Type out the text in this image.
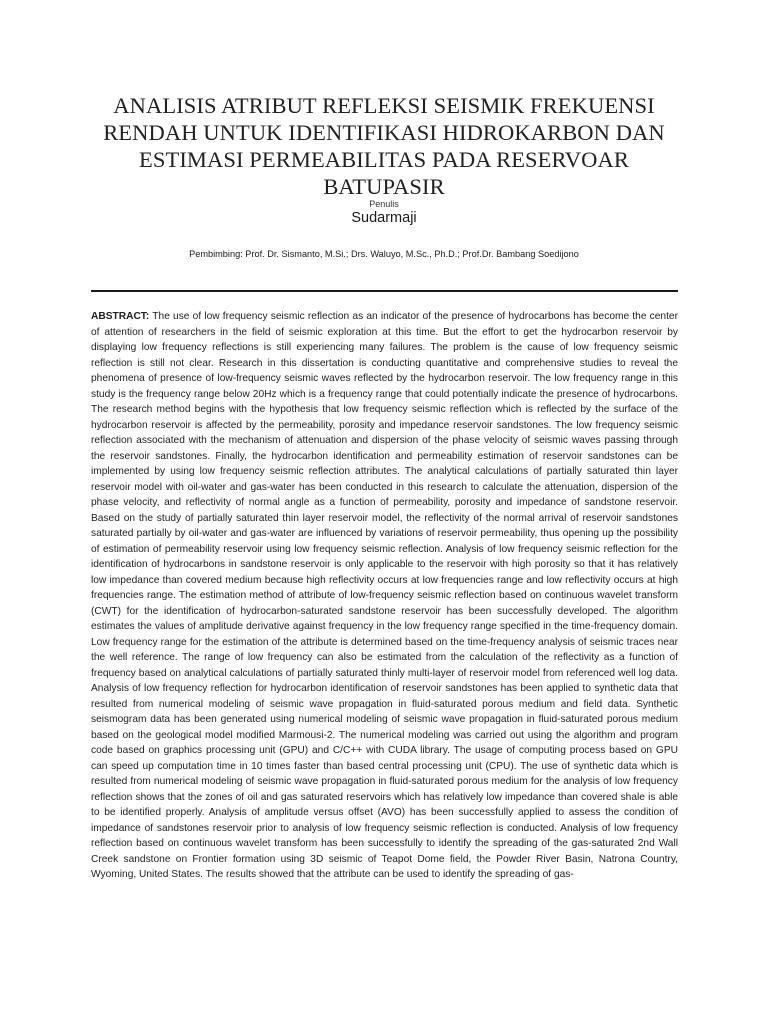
ANALISIS ATRIBUT REFLEKSI SEISMIK FREKUENSI
RENDAH UNTUK IDENTIFIKASI HIDROKARBON DAN
ESTIMASI PERMEABILITAS PADA RESERVOAR
BATUPASIR
Penulis
Sudarmaji
Pembimbing: Prof. Dr. Sismanto, M.Si.; Drs. Waluyo, M.Sc., Ph.D.; Prof.Dr. Bambang Soedijono

ABSTRACT: The use of low frequency seismic reflection as an indicator of the presence of hydrocarbons has become the center of attention of researchers in the field of seismic exploration at this time. But the effort to get the hydrocarbon reservoir by displaying low frequency reflections is still experiencing many failures. The problem is the cause of low frequency seismic reflection is still not clear. Research in this dissertation is conducting quantitative and comprehensive studies to reveal the phenomena of presence of low-frequency seismic waves reflected by the hydrocarbon reservoir. The low frequency range in this study is the frequency range below 20Hz which is a frequency range that could potentially indicate the presence of hydrocarbons. The research method begins with the hypothesis that low frequency seismic reflection which is reflected by the surface of the hydrocarbon reservoir is affected by the permeability, porosity and impedance reservoir sandstones. The low frequency seismic reflection associated with the mechanism of attenuation and dispersion of the phase velocity of seismic waves passing through the reservoir sandstones. Finally, the hydrocarbon identification and permeability estimation of reservoir sandstones can be implemented by using low frequency seismic reflection attributes. The analytical calculations of partially saturated thin layer reservoir model with oil-water and gas-water has been conducted in this research to calculate the attenuation, dispersion of the phase velocity, and reflectivity of normal angle as a function of permeability, porosity and impedance of sandstone reservoir. Based on the study of partially saturated thin layer reservoir model, the reflectivity of the normal arrival of reservoir sandstones saturated partially by oil-water and gas-water are influenced by variations of reservoir permeability, thus opening up the possibility of estimation of permeability reservoir using low frequency seismic reflection. Analysis of low frequency seismic reflection for the identification of hydrocarbons in sandstone reservoir is only applicable to the reservoir with high porosity so that it has relatively low impedance than covered medium because high reflectivity occurs at low frequencies range and low reflectivity occurs at high frequencies range. The estimation method of attribute of low-frequency seismic reflection based on continuous wavelet transform (CWT) for the identification of hydrocarbon-saturated sandstone reservoir has been successfully developed. The algorithm estimates the values of amplitude derivative against frequency in the low frequency range specified in the time-frequency domain. Low frequency range for the estimation of the attribute is determined based on the time-frequency analysis of seismic traces near the well reference. The range of low frequency can also be estimated from the calculation of the reflectivity as a function of frequency based on analytical calculations of partially saturated thinly multi-layer of reservoir model from referenced well log data. Analysis of low frequency reflection for hydrocarbon identification of reservoir sandstones has been applied to synthetic data that resulted from numerical modeling of seismic wave propagation in fluid-saturated porous medium and field data. Synthetic seismogram data has been generated using numerical modeling of seismic wave propagation in fluid-saturated porous medium based on the geological model modified Marmousi-2. The numerical modeling was carried out using the algorithm and program code based on graphics processing unit (GPU) and C/C++ with CUDA library. The usage of computing process based on GPU can speed up computation time in 10 times faster than based central processing unit (CPU). The use of synthetic data which is resulted from numerical modeling of seismic wave propagation in fluid-saturated porous medium for the analysis of low frequency reflection shows that the zones of oil and gas saturated reservoirs which has relatively low impedance than covered shale is able to be identified properly. Analysis of amplitude versus offset (AVO) has been successfully applied to assess the condition of impedance of sandstones reservoir prior to analysis of low frequency seismic reflection is conducted. Analysis of low frequency reflection based on continuous wavelet transform has been successfully to identify the spreading of the gas-saturated 2nd Wall Creek sandstone on Frontier formation using 3D seismic of Teapot Dome field, the Powder River Basin, Natrona Country, Wyoming, United States. The results showed that the attribute can be used to identify the spreading of gas-
